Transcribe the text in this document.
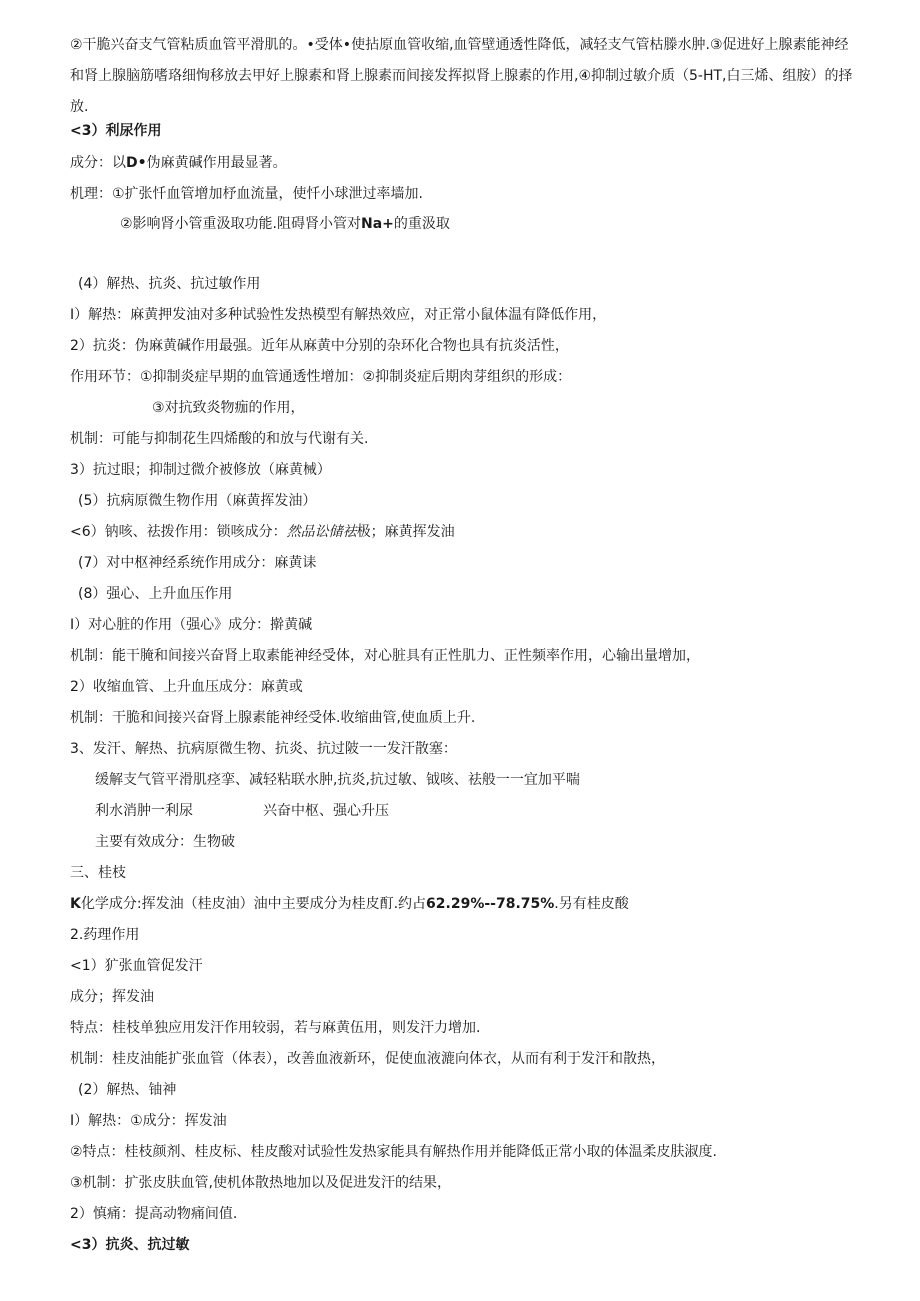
②干脆兴奋支气管粘质血管平滑肌的。•受体•使拈原血管收缩,血管壁通透性降低，减轻支气管枯滕水肿.③促进好上腺素能神经和肾上腺脑筋嗜珞细恂移放去甲好上腺素和肾上腺素而间接发挥拟肾上腺素的作用,④抑制过敏介质（5-HT,白三烯、组胺）的择放.
<3）利尿作用
成分：以D•伪麻黄碱作用最显著。
机理：①扩张忏血管增加杼血流量，使忏小球泄过率墙加.
②影响肾小管重汲取功能.阻碍肾小管对Na+的重汲取
(4）解热、抗炎、抗过敏作用
I）解热：麻黄押发油对多种试验性发热模型有解热效应，对正常小鼠体温有降低作用，
2）抗炎：伪麻黄碱作用最强。近年从麻黄中分别的杂环化合物也具有抗炎活性，
作用环节：①抑制炎症早期的血管通透性增加：②抑制炎症后期肉芽组织的形成：
③对抗致炎物痂的作用，
机制：可能与抑制花生四烯酸的和放与代谢有关.
3）抗过眼；抑制过微介被修放（麻黄械）
(5）抗病原微生物作用（麻黄挥发油）
<6）钠咳、祛拨作用：锁咳成分：然品讼储祛极；麻黄挥发油
(7）对中枢神经系统作用成分：麻黄诔
(8）强心、上升血压作用
I）对心脏的作用（强心》成分：擀黄碱
机制：能干腌和间接兴奋肾上取素能神经受体，对心脏具有正性肌力、正性频率作用，心输出量增加，
2）收缩血管、上升血压成分：麻黄或
机制：干脆和间接兴奋肾上腺素能神经受体.收缩曲管,使血质上升.
3、发汗、解热、抗病原微生物、抗炎、抗过陂一一发汗散塞：
缓解支气管平滑肌痉挛、减轻粘联水肿,抗炎,抗过敏、钺咳、祛般一一宜加平喘
利水消肿一利尿	兴奋中枢、强心升压
主要有效成分：生物破
三、桂枝
K化学成分:挥发油（桂皮油）油中主要成分为桂皮酊.约占62.29%--78.75%.另有桂皮酸
2.药理作用
<1）犷张血管促发汗
成分；挥发油
特点：桂枝单独应用发汗作用较弱，若与麻黄伍用，则发汗力增加.
机制：桂皮油能扩张血管（体表），改善血液新环，促使血液漉向体衣，从而有利于发汗和散热，
(2）解热、铀神
I）解热：①成分：挥发油
②特点：桂枝颜剂、桂皮标、桂皮酸对试验性发热家能具有解热作用并能降低正常小取的体温柔皮肤淑度.
③机制：扩张皮肤血管,使机体散热地加以及促进发汗的结果，
2）慎痛：提高动物痛间值.
<3）抗炎、抗过敏
